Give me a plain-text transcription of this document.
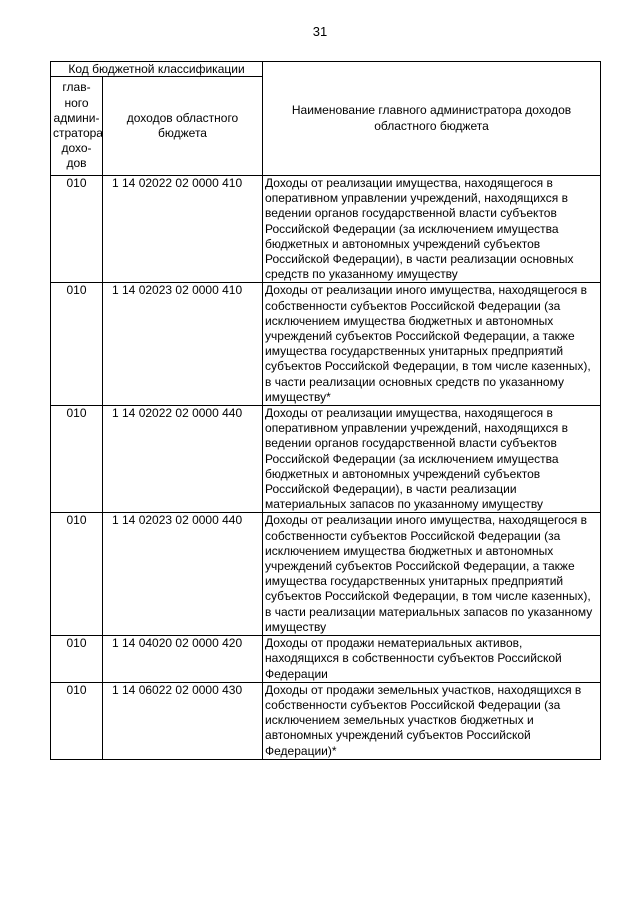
31
Код бюджетной классификации		Наименование главного администратора доходов областного бюджета
глав-ного админи-стратора дохо-дов	доходов областного бюджета	
010	1 14 02022 02 0000 410	Доходы от реализации имущества, находящегося в оперативном управлении учреждений, находящихся в ведении органов государственной власти субъектов Российской Федерации (за исключением имущества бюджетных и автономных учреждений субъектов Российской Федерации), в части реализации основных средств по указанному имуществу
010	1 14 02023 02 0000 410	Доходы от реализации иного имущества, находящегося в собственности субъектов Российской Федерации (за исключением имущества бюджетных и автономных учреждений субъектов Российской Федерации, а также имущества государственных унитарных предприятий субъектов Российской Федерации, в том числе казенных), в части реализации основных средств по указанному имуществу*
010	1 14 02022 02 0000 440	Доходы от реализации имущества, находящегося в оперативном управлении учреждений, находящихся в ведении органов государственной власти субъектов Российской Федерации (за исключением имущества бюджетных и автономных учреждений субъектов Российской Федерации), в части реализации материальных запасов по указанному имуществу
010	1 14 02023 02 0000 440	Доходы от реализации иного имущества, находящегося в собственности субъектов Российской Федерации (за исключением имущества бюджетных и автономных учреждений субъектов Российской Федерации, а также имущества государственных унитарных предприятий субъектов Российской Федерации, в том числе казенных), в части реализации материальных запасов по указанному имуществу
010	1 14 04020 02 0000 420	Доходы от продажи нематериальных активов, находящихся в собственности субъектов Российской Федерации
010	1 14 06022 02 0000 430	Доходы от продажи земельных участков, находящихся в собственности субъектов Российской Федерации (за исключением земельных участков бюджетных и автономных учреждений субъектов Российской Федерации)*
